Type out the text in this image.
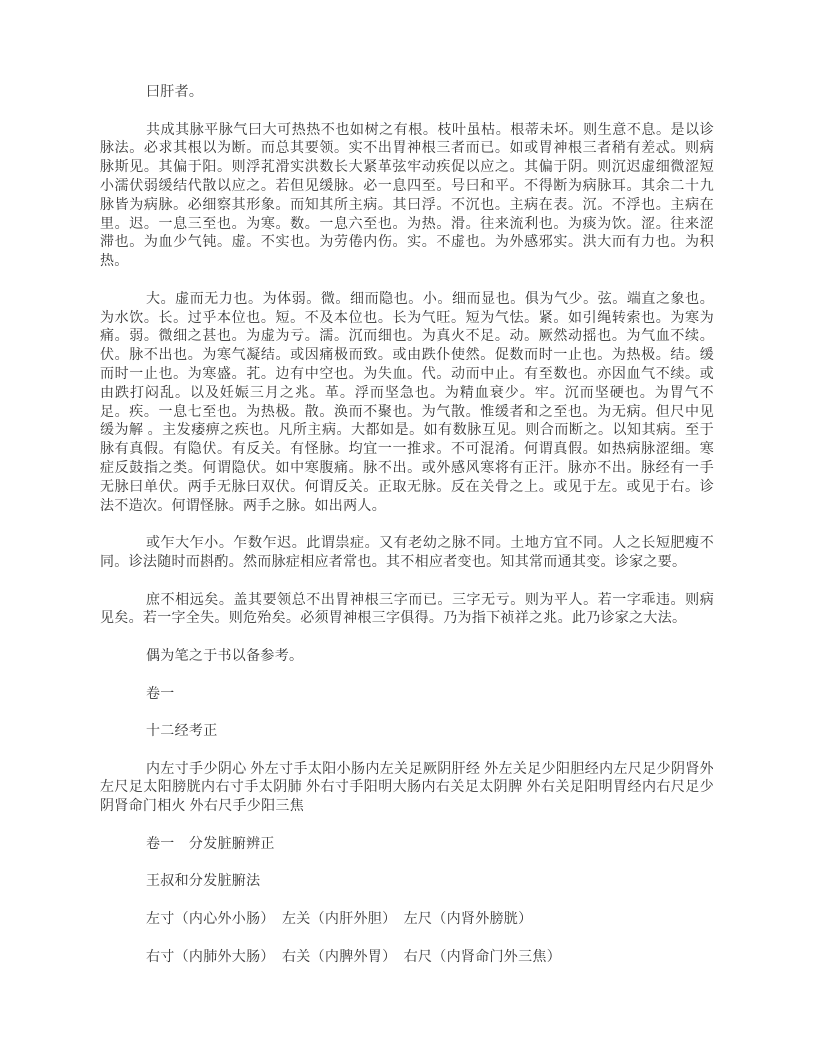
曰肝者。

共成其脉平脉气曰大可热热不也如树之有根。枝叶虽枯。根蒂未坏。则生意不息。是以诊脉法。必求其根以为断。而总其要领。实不出胃神根三者而已。如或胃神根三者稍有差忒。则病脉斯见。其偏于阳。则浮芤滑实洪数长大紧革弦牢动疾促以应之。其偏于阴。则沉迟虚细微涩短小濡伏弱缓结代散以应之。若但见缓脉。必一息四至。号曰和平。不得断为病脉耳。其余二十九脉皆为病脉。必细察其形象。而知其所主病。其曰浮。不沉也。主病在表。沉。不浮也。主病在里。迟。一息三至也。为寒。数。一息六至也。为热。滑。往来流利也。为痰为饮。涩。往来涩滞也。为血少气钝。虚。不实也。为劳倦内伤。实。不虚也。为外感邪实。洪大而有力也。为积热。

大。虚而无力也。为体弱。微。细而隐也。小。细而显也。俱为气少。弦。端直之象也。为水饮。长。过乎本位也。短。不及本位也。长为气旺。短为气怯。紧。如引绳转索也。为寒为痛。弱。微细之甚也。为虚为亏。濡。沉而细也。为真火不足。动。厥然动摇也。为气血不续。伏。脉不出也。为寒气凝结。或因痛极而致。或由跌仆使然。促数而时一止也。为热极。结。缓而时一止也。为寒盛。芤。边有中空也。为失血。代。动而中止。有至数也。亦因血气不续。或由跌打闷乱。以及妊娠三月之兆。革。浮而坚急也。为精血衰少。牢。沉而坚硬也。为胃气不足。疾。一息七至也。为热极。散。涣而不聚也。为气散。惟缓者和之至也。为无病。但尺中见缓为解 。主发痿痹之疾也。凡所主病。大都如是。如有数脉互见。则合而断之。以知其病。至于脉有真假。有隐伏。有反关。有怪脉。均宜一一推求。不可混淆。何谓真假。如热病脉涩细。寒症反鼓指之类。何谓隐伏。如中寒腹痛。脉不出。或外感风寒将有正汗。脉亦不出。脉经有一手无脉曰单伏。两手无脉曰双伏。何谓反关。正取无脉。反在关骨之上。或见于左。或见于右。诊法不造次。何谓怪脉。两手之脉。如出两人。

或乍大乍小。乍数乍迟。此谓祟症。又有老幼之脉不同。土地方宜不同。人之长短肥瘦不同。诊法随时而斟酌。然而脉症相应者常也。其不相应者变也。知其常而通其变。诊家之要。

庶不相远矣。盖其要领总不出胃神根三字而已。三字无亏。则为平人。若一字乖违。则病见矣。若一字全失。则危殆矣。必须胃神根三字俱得。乃为指下祯祥之兆。此乃诊家之大法。

偶为笔之于书以备参考。

卷一

十二经考正

内左寸手少阴心 外左寸手太阳小肠内左关足厥阴肝经 外左关足少阳胆经内左尺足少阴肾外左尺足太阳膀胱内右寸手太阴肺 外右寸手阳明大肠内右关足太阴脾 外右关足阳明胃经内右尺足少阴肾命门相火 外右尺手少阳三焦

卷一　分发脏腑辨正

王叔和分发脏腑法

左寸（内心外小肠）　左关（内肝外胆）　左尺（内肾外膀胱）

右寸（内肺外大肠）　右关（内脾外胃）　右尺（内肾命门外三焦）
